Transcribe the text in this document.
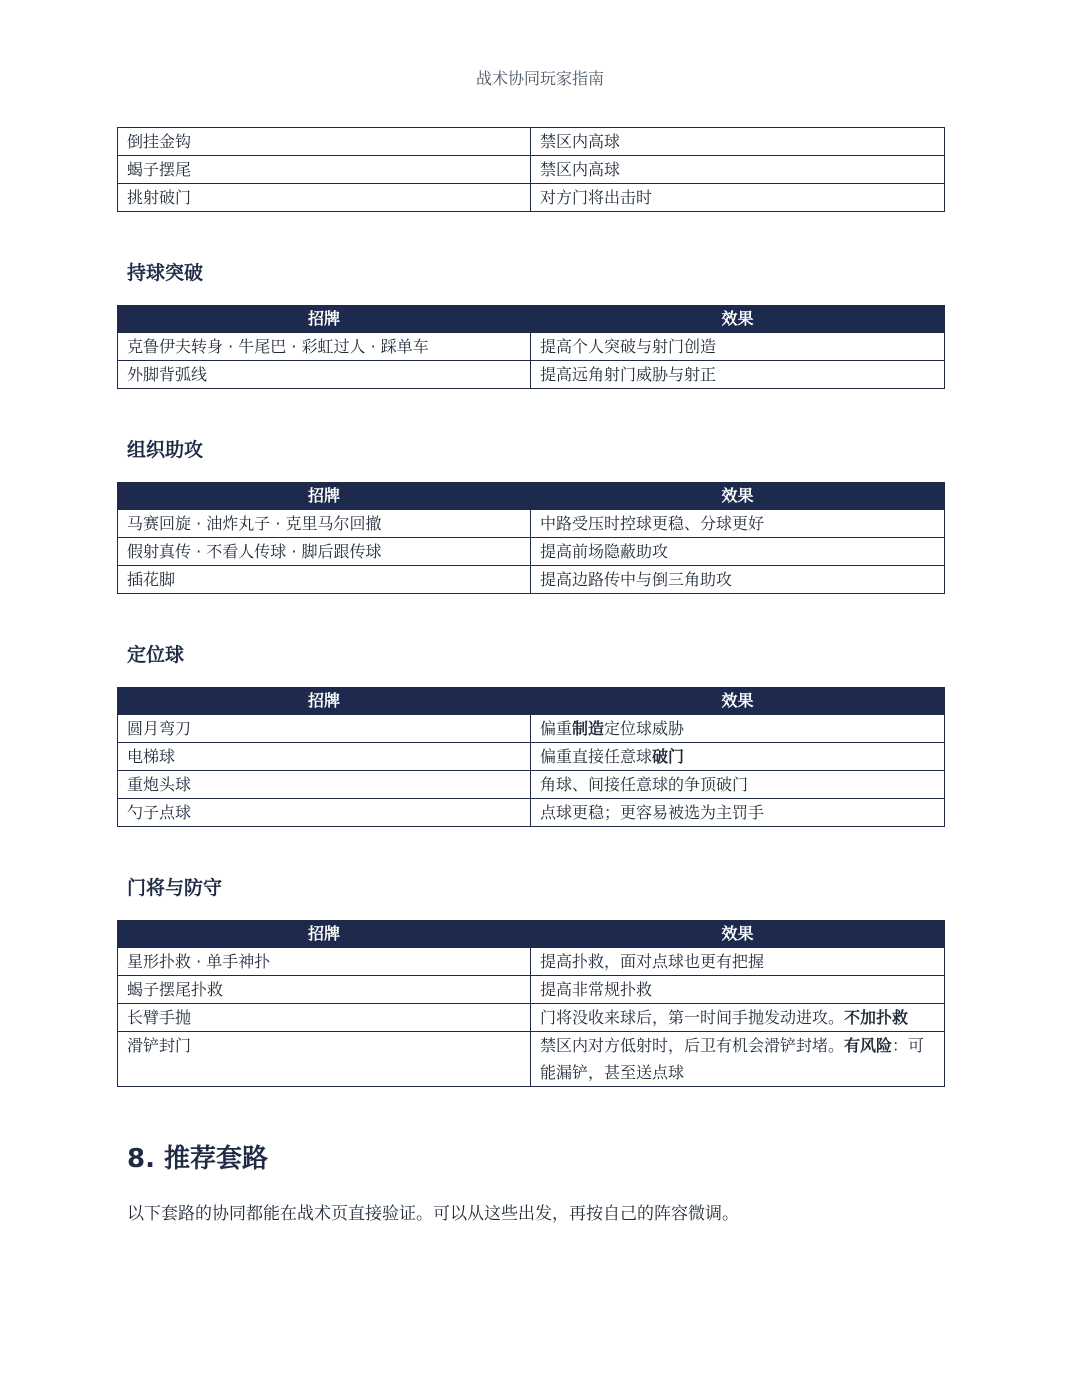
战术协同玩家指南
倒挂金钩	禁区内高球
蝎子摆尾	禁区内高球
挑射破门	对方门将出击时
持球突破
招牌	效果
克鲁伊夫转身 · 牛尾巴 · 彩虹过人 · 踩单车	提高个人突破与射门创造
外脚背弧线	提高远角射门威胁与射正
组织助攻
招牌	效果
马赛回旋 · 油炸丸子 · 克里马尔回撤	中路受压时控球更稳、分球更好
假射真传 · 不看人传球 · 脚后跟传球	提高前场隐蔽助攻
插花脚	提高边路传中与倒三角助攻
定位球
招牌	效果
圆月弯刀	偏重制造定位球威胁
电梯球	偏重直接任意球破门
重炮头球	角球、间接任意球的争顶破门
勺子点球	点球更稳；更容易被选为主罚手
门将与防守
招牌	效果
星形扑救 · 单手神扑	提高扑救，面对点球也更有把握
蝎子摆尾扑救	提高非常规扑救
长臂手抛	门将没收来球后，第一时间手抛发动进攻。不加扑救
滑铲封门	禁区内对方低射时，后卫有机会滑铲封堵。有风险：可能漏铲，甚至送点球
8. 推荐套路
以下套路的协同都能在战术页直接验证。可以从这些出发，再按自己的阵容微调。
